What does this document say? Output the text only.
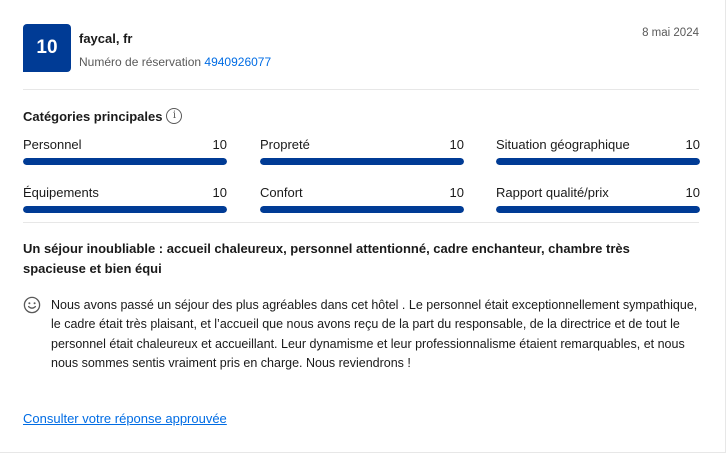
10	faycal, fr
Numéro de réservation 4940926077
8 mai 2024
Catégories principales	i
Personnel	10	Propreté	10 Situation géographique	10
Équipements	10	Confort	10 Rapport qualité/prix	10
Un séjour inoubliable : accueil chaleureux, personnel attentionné, cadre enchanteur, chambre très spacieuse et bien équi
Nous avons passé un séjour des plus agréables dans cet hôtel . Le personnel était exceptionnellement sympathique, le cadre était très plaisant, et l’accueil que nous avons reçu de la part du responsable, de la directrice et de tout le personnel était chaleureux et accueillant. Leur dynamisme et leur professionnalisme étaient remarquables, et nous nous sommes sentis vraiment pris en charge. Nous reviendrons !
Consulter votre réponse approuvée
